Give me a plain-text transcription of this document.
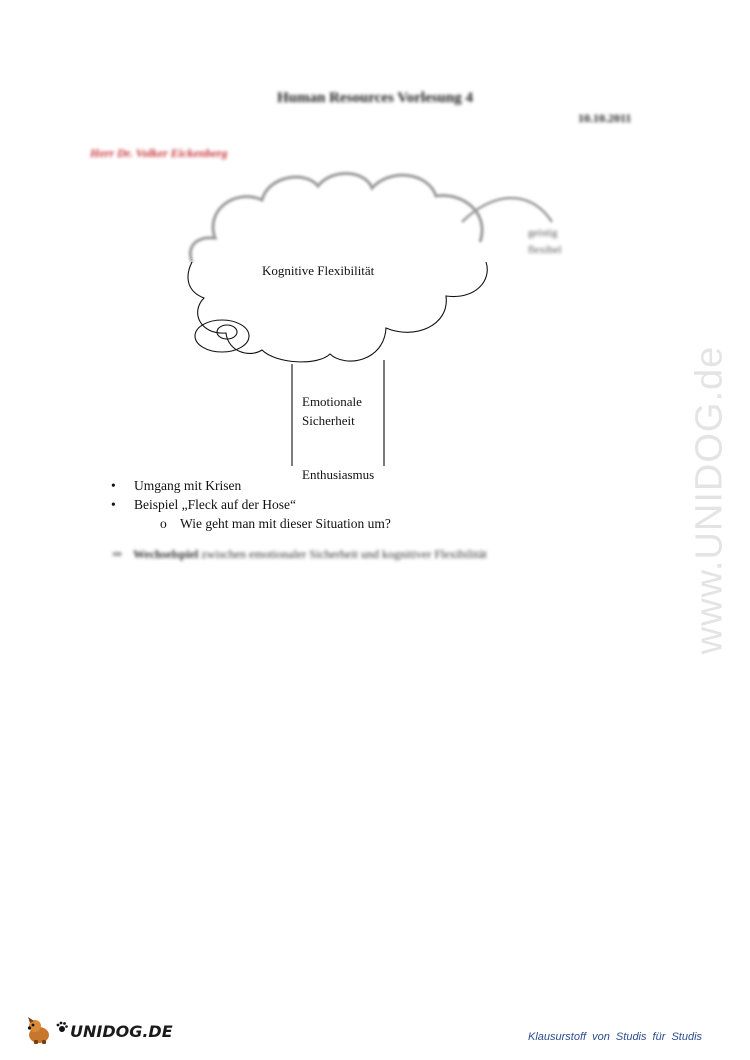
Human Resources Vorlesung 4
10.10.2011
Herr Dr. Volker Eickenberg
Kognitive Flexibilität
geistig
flexibel
Emotionale
Sicherheit
Enthusiasmus
• Umgang mit Krisen
• Beispiel „Fleck auf der Hose“
o Wie geht man mit dieser Situation um?
⇒ Wechselspiel zwischen emotionaler Sicherheit und kognitiver Flexibilität	www.UNIDOG.de
UNIDOG.DE	Klausurstoff von Studis für Studis
